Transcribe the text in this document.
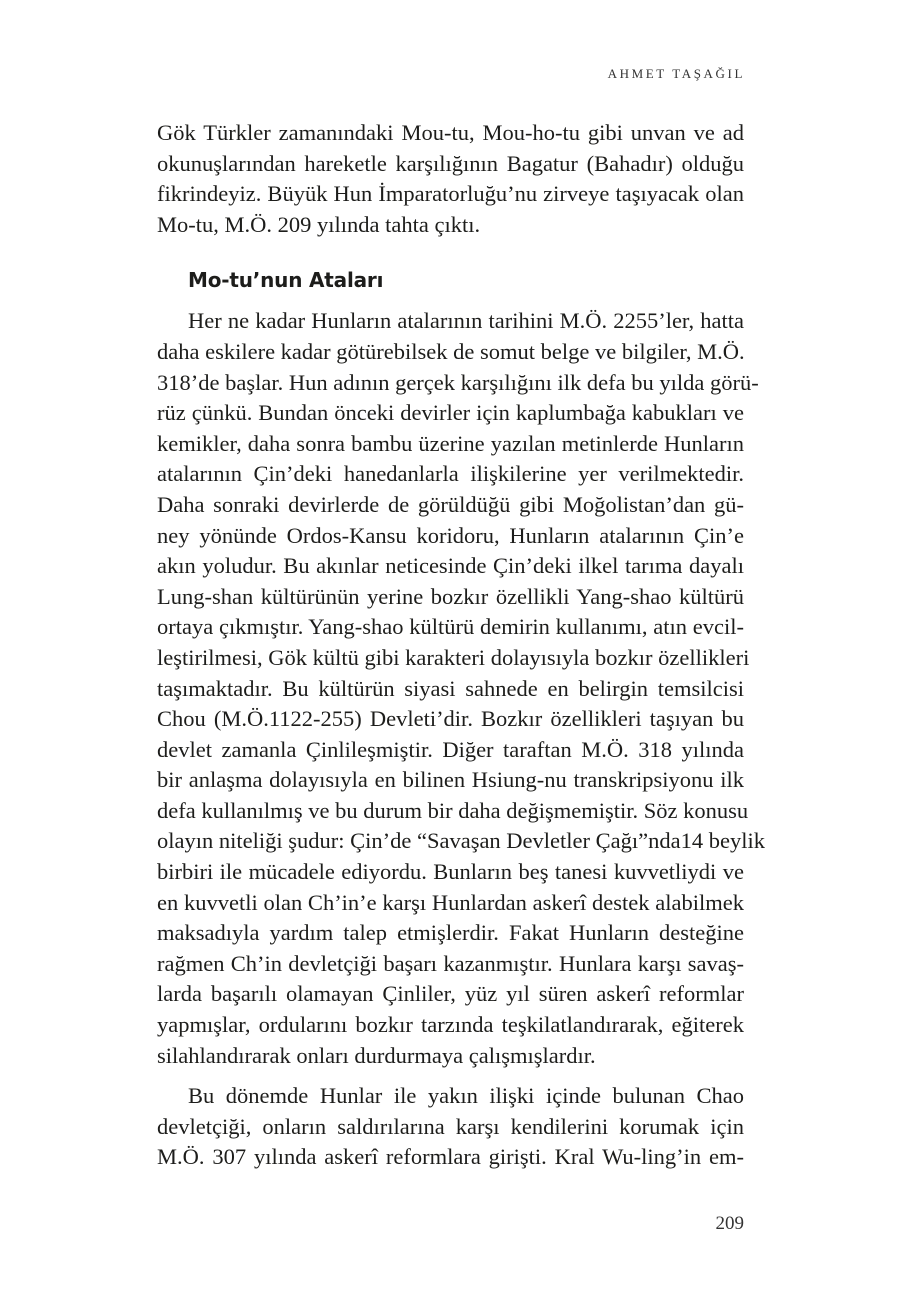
AHMET TAŞAĞIL
Gök Türkler zamanındaki Mou-tu, Mou-ho-tu gibi unvan ve ad
okunuşlarından hareketle karşılığının Bagatur (Bahadır) olduğu
fikrindeyiz. Büyük Hun İmparatorluğu’nu zirveye taşıyacak olan
Mo-tu, M.Ö. 209 yılında tahta çıktı.
Mo-tu’nun Ataları
Her ne kadar Hunların atalarının tarihini M.Ö. 2255’ler, hatta
daha eskilere kadar götürebilsek de somut belge ve bilgiler, M.Ö.
318’de başlar. Hun adının gerçek karşılığını ilk defa bu yılda görü-
rüz çünkü. Bundan önceki devirler için kaplumbağa kabukları ve
kemikler, daha sonra bambu üzerine yazılan metinlerde Hunların
atalarının Çin’deki hanedanlarla ilişkilerine yer verilmektedir.
Daha sonraki devirlerde de görüldüğü gibi Moğolistan’dan gü-
ney yönünde Ordos-Kansu koridoru, Hunların atalarının Çin’e
akın yoludur. Bu akınlar neticesinde Çin’deki ilkel tarıma dayalı
Lung-shan kültürünün yerine bozkır özellikli Yang-shao kültürü
ortaya çıkmıştır. Yang-shao kültürü demirin kullanımı, atın evcil-
leştirilmesi, Gök kültü gibi karakteri dolayısıyla bozkır özellikleri
taşımaktadır. Bu kültürün siyasi sahnede en belirgin temsilcisi
Chou (M.Ö.1122-255) Devleti’dir. Bozkır özellikleri taşıyan bu
devlet zamanla Çinlileşmiştir. Diğer taraftan M.Ö. 318 yılında
bir anlaşma dolayısıyla en bilinen Hsiung-nu transkripsiyonu ilk
defa kullanılmış ve bu durum bir daha değişmemiştir. Söz konusu
olayın niteliği şudur: Çin’de “Savaşan Devletler Çağı”nda14 beylik
birbiri ile mücadele ediyordu. Bunların beş tanesi kuvvetliydi ve
en kuvvetli olan Ch’in’e karşı Hunlardan askerî destek alabilmek
maksadıyla yardım talep etmişlerdir. Fakat Hunların desteğine
rağmen Ch’in devletçiği başarı kazanmıştır. Hunlara karşı savaş-
larda başarılı olamayan Çinliler, yüz yıl süren askerî reformlar
yapmışlar, ordularını bozkır tarzında teşkilatlandırarak, eğiterek
silahlandırarak onları durdurmaya çalışmışlardır.
Bu dönemde Hunlar ile yakın ilişki içinde bulunan Chao
devletçiği, onların saldırılarına karşı kendilerini korumak için
M.Ö. 307 yılında askerî reformlara girişti. Kral Wu-ling’in em-
209
